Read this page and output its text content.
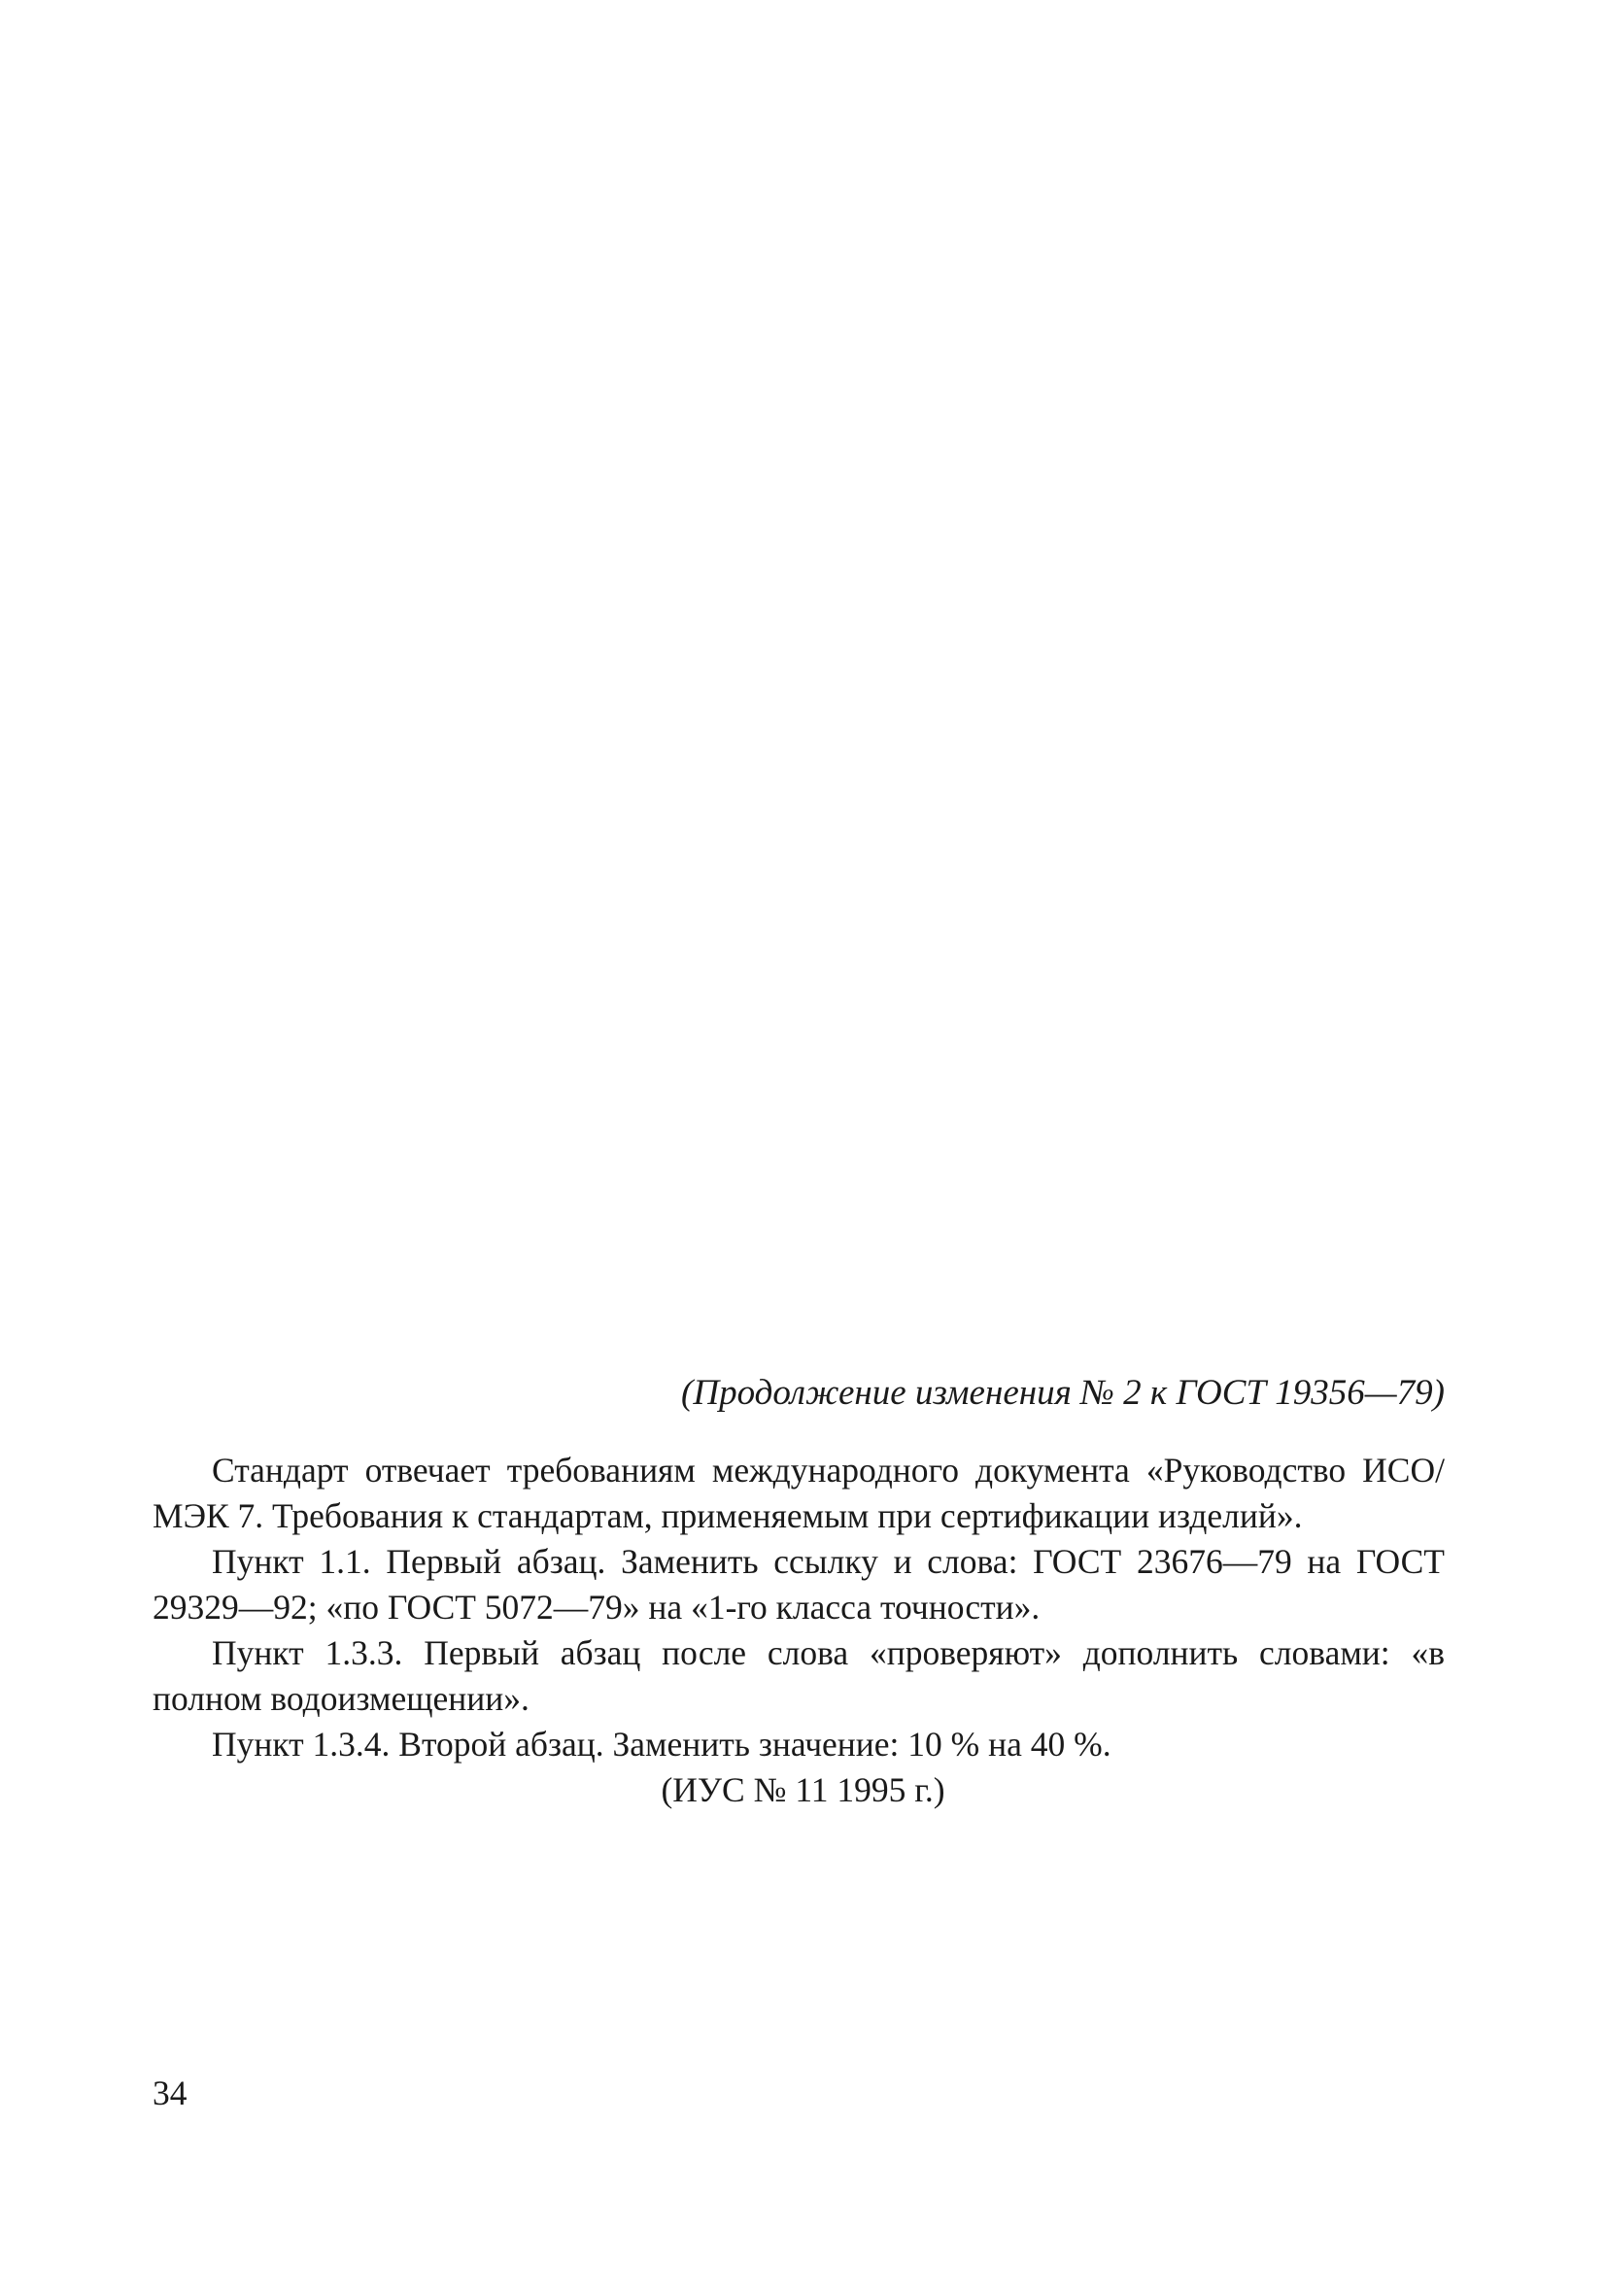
(Продолжение изменения № 2 к ГОСТ 19356—79)

Стандарт отвечает требованиям международного документа «Руководство ИСО/МЭК 7. Требования к стандартам, применяемым при сертификации изделий».

Пункт 1.1. Первый абзац. Заменить ссылку и слова: ГОСТ 23676—79 на ГОСТ 29329—92; «по ГОСТ 5072—79» на «1-го класса точности».

Пункт 1.3.3. Первый абзац после слова «проверяют» дополнить словами: «в полном водоизмещении».

Пункт 1.3.4. Второй абзац. Заменить значение: 10 % на 40 %.

(ИУС № 11 1995 г.)
34
